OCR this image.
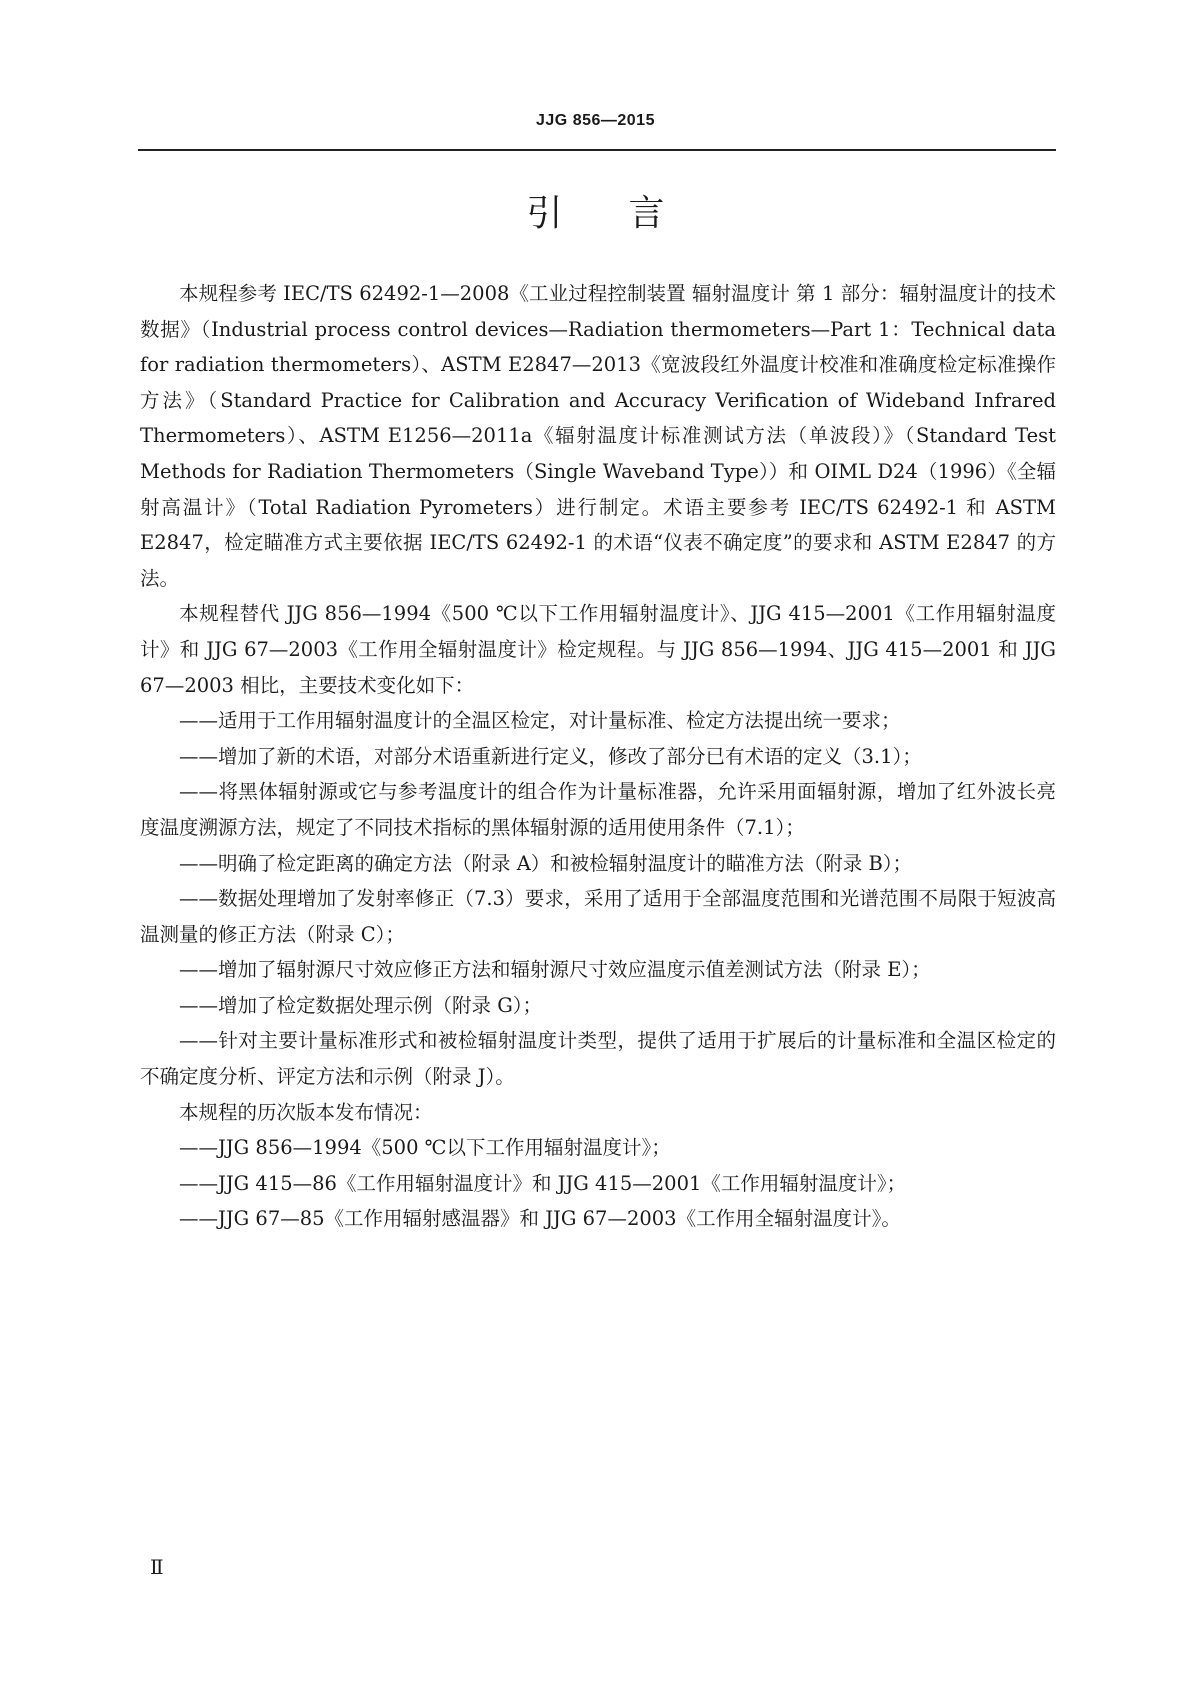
JJG 856—2015
引言

本规程参考 IEC/TS 62492-1—2008《工业过程控制装置 辐射温度计 第 1 部分：辐射温度计的技术数据》（Industrial process control devices—Radiation thermometers—Part 1：Technical data for radiation thermometers）、ASTM E2847—2013《宽波段红外温度计校准和准确度检定标准操作方法》（Standard Practice for Calibration and Accuracy Verification of Wideband Infrared Thermometers）、ASTM E1256—2011a《辐射温度计标准测试方法（单波段）》（Standard Test Methods for Radiation Thermometers（Single Waveband Type））和 OIML D24（1996）《全辐射高温计》（Total Radiation Pyrometers）进行制定。术语主要参考 IEC/TS 62492-1 和 ASTM E2847，检定瞄准方式主要依据 IEC/TS 62492-1 的术语“仪表不确定度”的要求和 ASTM E2847 的方法。

本规程替代 JJG 856—1994《500 ℃以下工作用辐射温度计》、JJG 415—2001《工作用辐射温度计》和 JJG 67—2003《工作用全辐射温度计》检定规程。与 JJG 856—1994、JJG 415—2001 和 JJG 67—2003 相比，主要技术变化如下：

——适用于工作用辐射温度计的全温区检定，对计量标准、检定方法提出统一要求；

——增加了新的术语，对部分术语重新进行定义，修改了部分已有术语的定义（3.1）；

——将黑体辐射源或它与参考温度计的组合作为计量标准器，允许采用面辐射源，增加了红外波长亮度温度溯源方法，规定了不同技术指标的黑体辐射源的适用使用条件（7.1）；

——明确了检定距离的确定方法（附录 A）和被检辐射温度计的瞄准方法（附录 B）；

——数据处理增加了发射率修正（7.3）要求，采用了适用于全部温度范围和光谱范围不局限于短波高温测量的修正方法（附录 C）；

——增加了辐射源尺寸效应修正方法和辐射源尺寸效应温度示值差测试方法（附录 E）；

——增加了检定数据处理示例（附录 G）；

——针对主要计量标准形式和被检辐射温度计类型，提供了适用于扩展后的计量标准和全温区检定的不确定度分析、评定方法和示例（附录 J）。

本规程的历次版本发布情况：

——JJG 856—1994《500 ℃以下工作用辐射温度计》；

——JJG 415—86《工作用辐射温度计》和 JJG 415—2001《工作用辐射温度计》；

——JJG 67—85《工作用辐射感温器》和 JJG 67—2003《工作用全辐射温度计》。

Ⅱ
